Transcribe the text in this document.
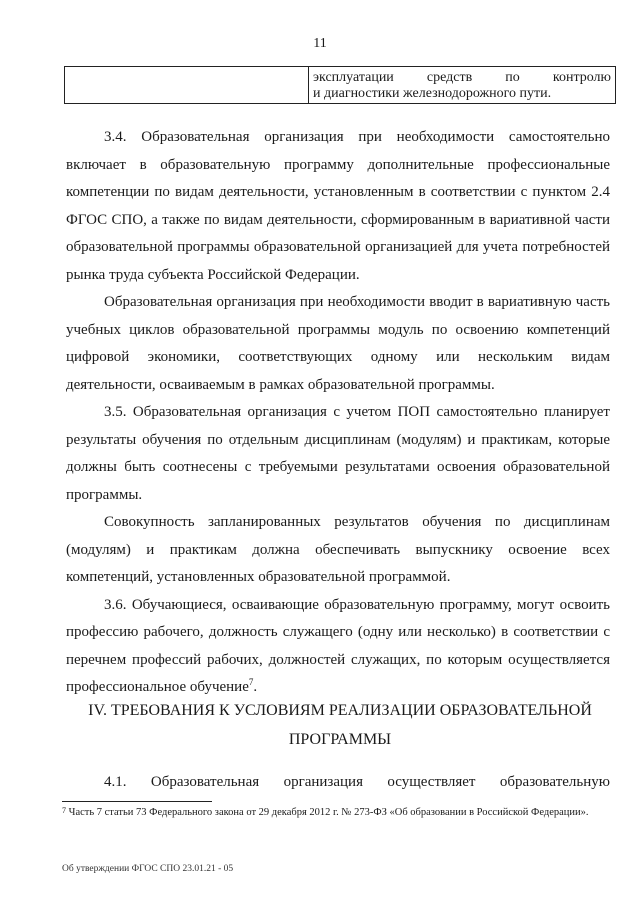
11
эксплуатации средств по контролю
и диагностики железнодорожного пути.

3.4. Образовательная организация при необходимости самостоятельно включает в образовательную программу дополнительные профессиональные компетенции по видам деятельности, установленным в соответствии с пунктом 2.4 ФГОС СПО, а также по видам деятельности, сформированным в вариативной части образовательной программы образовательной организацией для учета потребностей рынка труда субъекта Российской Федерации.

Образовательная организация при необходимости вводит в вариативную часть учебных циклов образовательной программы модуль по освоению компетенций цифровой экономики, соответствующих одному или нескольким видам деятельности, осваиваемым в рамках образовательной программы.

3.5. Образовательная организация с учетом ПОП самостоятельно планирует результаты обучения по отдельным дисциплинам (модулям) и практикам, которые должны быть соотнесены с требуемыми результатами освоения образовательной программы.

Совокупность запланированных результатов обучения по дисциплинам (модулям) и практикам должна обеспечивать выпускнику освоение всех компетенций, установленных образовательной программой.

3.6. Обучающиеся, осваивающие образовательную программу, могут освоить профессию рабочего, должность служащего (одну или несколько) в соответствии с перечнем профессий рабочих, должностей служащих, по которым осуществляется профессиональное обучение$^7$.

IV. ТРЕБОВАНИЯ К УСЛОВИЯМ РЕАЛИЗАЦИИ ОБРАЗОВАТЕЛЬНОЙ
ПРОГРАММЫ
4.1. Образовательная организация осуществляет образовательную
$^7$ Часть 7 статьи 73 Федерального закона от 29 декабря 2012 г. № 273-ФЗ «Об образовании в Российской Федерации».
Об утверждении ФГОС СПО 23.01.21 - 05
